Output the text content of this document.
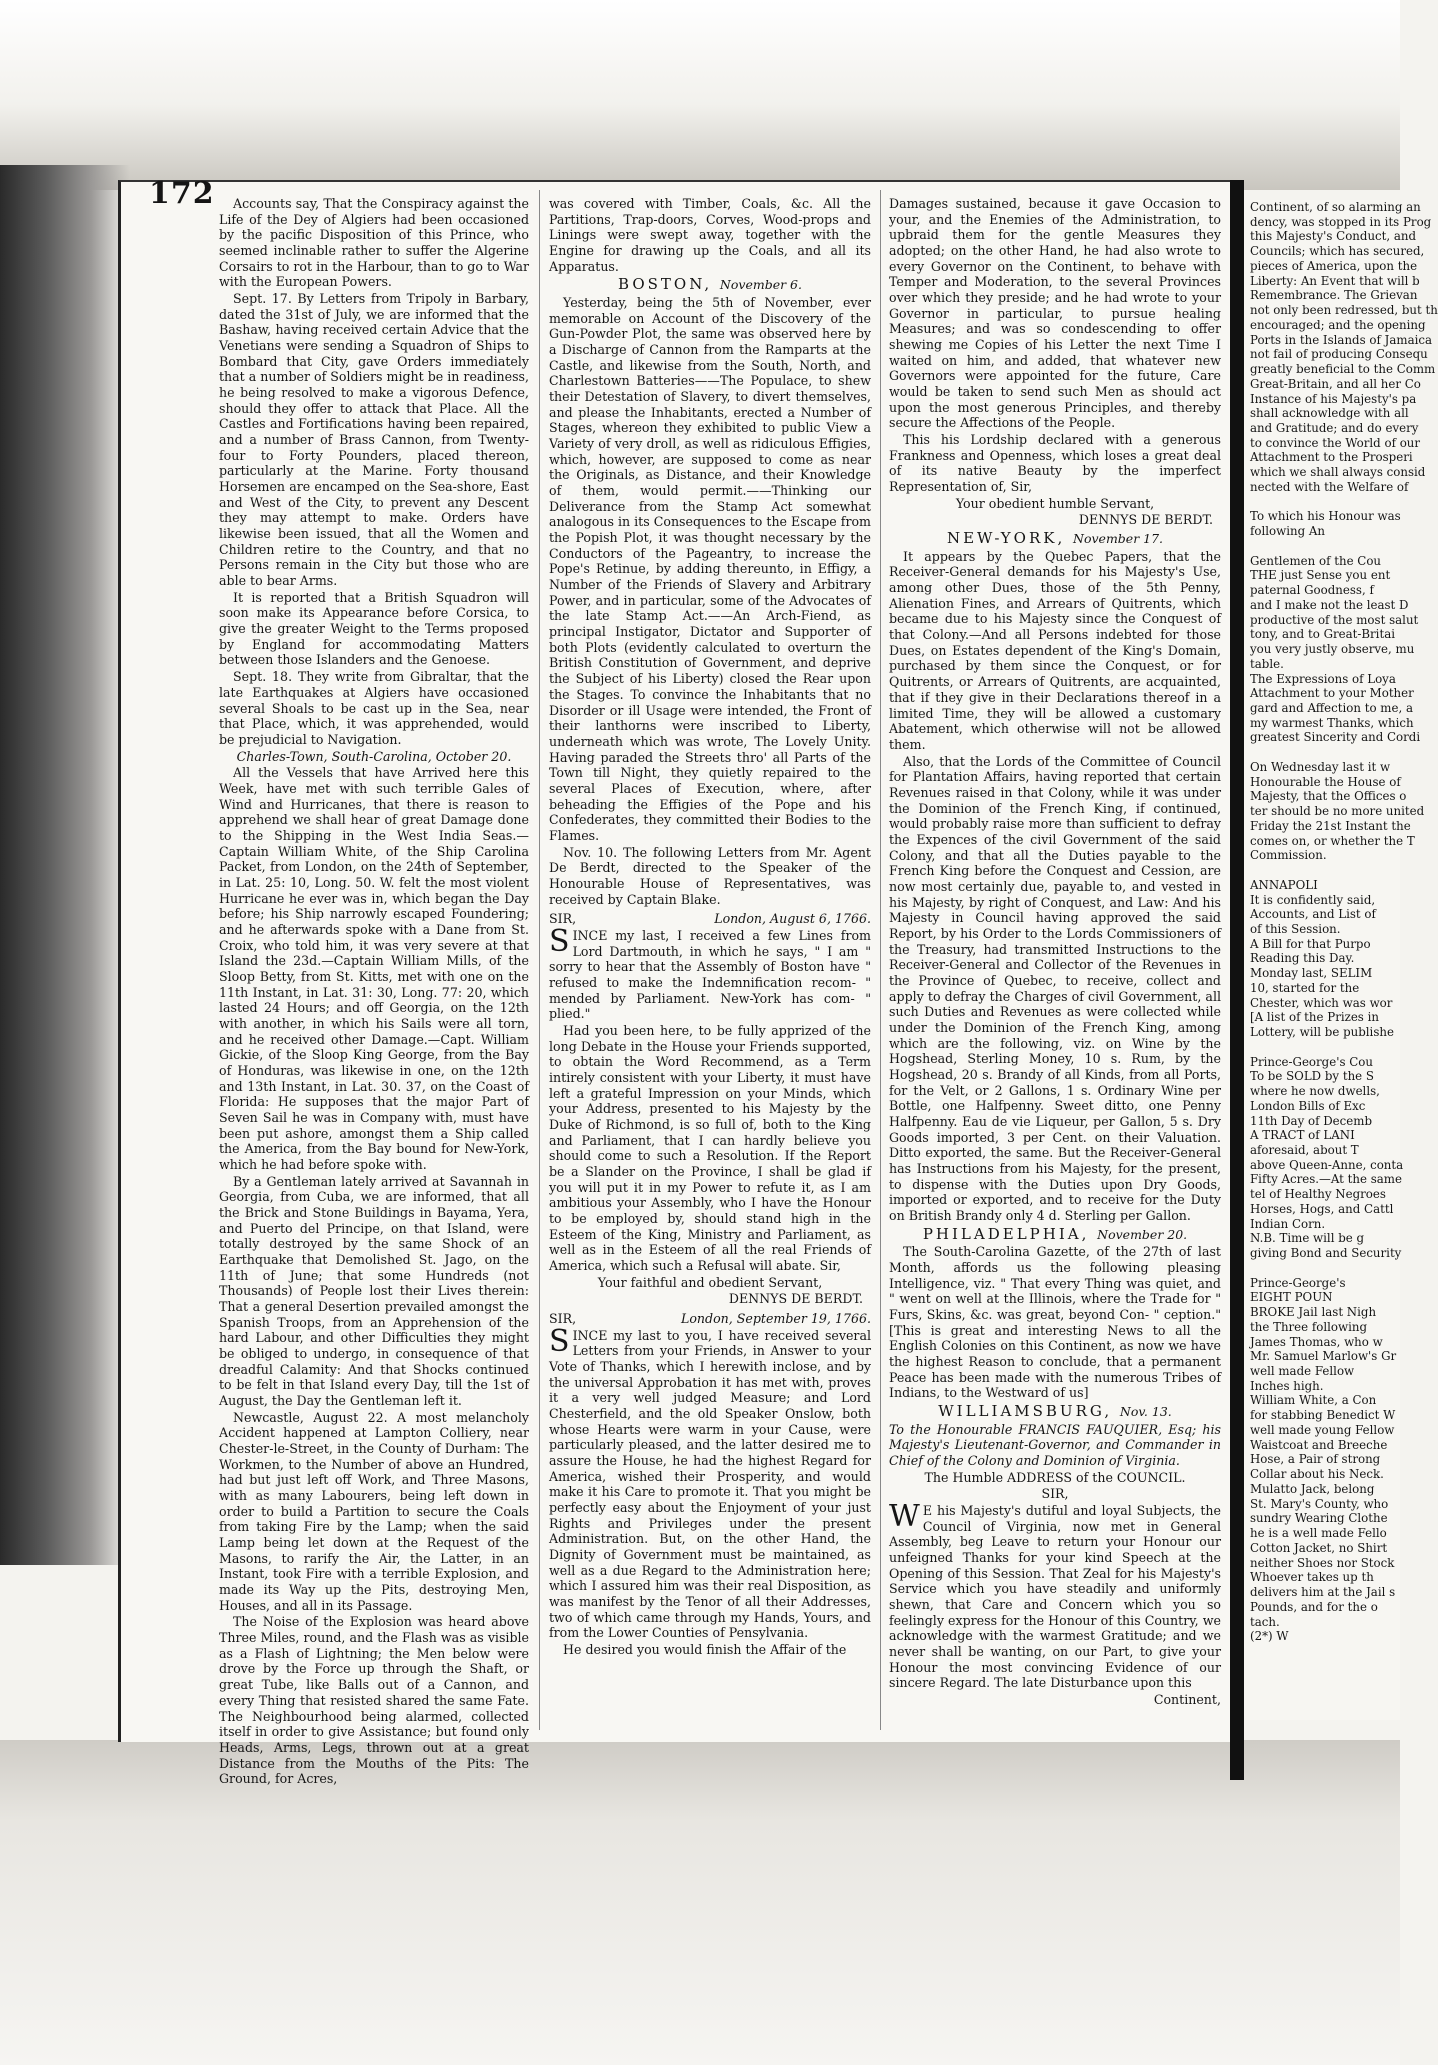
172	Accounts say, That the Conspiracy against the Life of the Dey of Algiers had been occasioned by the pacific Disposition of this Prince, who seemed inclinable rather to suffer the Algerine Corsairs to rot in the Harbour, than to go to War with the European Powers.

Sept. 17. By Letters from Tripoly in Barbary, dated the 31st of July, we are informed that the Bashaw, having received certain Advice that the Venetians were sending a Squadron of Ships to Bombard that City, gave Orders immediately that a number of Soldiers might be in readiness, he being resolved to make a vigorous Defence, should they offer to attack that Place. All the Castles and Fortifications having been repaired, and a number of Brass Cannon, from Twenty-four to Forty Pounders, placed thereon, particularly at the Marine. Forty thousand Horsemen are encamped on the Sea-shore, East and West of the City, to prevent any Descent they may attempt to make. Orders have likewise been issued, that all the Women and Children retire to the Country, and that no Persons remain in the City but those who are able to bear Arms.

It is reported that a British Squadron will soon make its Appearance before Corsica, to give the greater Weight to the Terms proposed by England for accommodating Matters between those Islanders and the Genoese.

Sept. 18. They write from Gibraltar, that the late Earthquakes at Algiers have occasioned several Shoals to be cast up in the Sea, near that Place, which, it was apprehended, would be prejudicial to Navigation.

Charles-Town, South-Carolina, October 20.

All the Vessels that have Arrived here this Week, have met with such terrible Gales of Wind and Hurricanes, that there is reason to apprehend we shall hear of great Damage done to the Shipping in the West India Seas.—Captain William White, of the Ship Carolina Packet, from London, on the 24th of September, in Lat. 25: 10, Long. 50. W. felt the most violent Hurricane he ever was in, which began the Day before; his Ship narrowly escaped Foundering; and he afterwards spoke with a Dane from St. Croix, who told him, it was very severe at that Island the 23d.—Captain William Mills, of the Sloop Betty, from St. Kitts, met with one on the 11th Instant, in Lat. 31: 30, Long. 77: 20, which lasted 24 Hours; and off Georgia, on the 12th with another, in which his Sails were all torn, and he received other Damage.—Capt. William Gickie, of the Sloop King George, from the Bay of Honduras, was likewise in one, on the 12th and 13th Instant, in Lat. 30. 37, on the Coast of Florida: He supposes that the major Part of Seven Sail he was in Company with, must have been put ashore, amongst them a Ship called the America, from the Bay bound for New-York, which he had before spoke with.

By a Gentleman lately arrived at Savannah in Georgia, from Cuba, we are informed, that all the Brick and Stone Buildings in Bayama, Yera, and Puerto del Principe, on that Island, were totally destroyed by the same Shock of an Earthquake that Demolished St. Jago, on the 11th of June; that some Hundreds (not Thousands) of People lost their Lives therein: That a general Desertion prevailed amongst the Spanish Troops, from an Apprehension of the hard Labour, and other Difficulties they might be obliged to undergo, in consequence of that dreadful Calamity: And that Shocks continued to be felt in that Island every Day, till the 1st of August, the Day the Gentleman left it.

Newcastle, August 22. A most melancholy Accident happened at Lampton Colliery, near Chester-le-Street, in the County of Durham: The Workmen, to the Number of above an Hundred, had but just left off Work, and Three Masons, with as many Labourers, being left down in order to build a Partition to secure the Coals from taking Fire by the Lamp; when the said Lamp being let down at the Request of the Masons, to rarify the Air, the Latter, in an Instant, took Fire with a terrible Explosion, and made its Way up the Pits, destroying Men, Houses, and all in its Passage.

The Noise of the Explosion was heard above Three Miles, round, and the Flash was as visible as a Flash of Lightning; the Men below were drove by the Force up through the Shaft, or great Tube, like Balls out of a Cannon, and every Thing that resisted shared the same Fate. The Neighbourhood being alarmed, collected itself in order to give Assistance; but found only Heads, Arms, Legs, thrown out at a great Distance from the Mouths of the Pits: The Ground, for Acres,

was covered with Timber, Coals, &c. All the Partitions, Trap-doors, Corves, Wood-props and Linings were swept away, together with the Engine for drawing up the Coals, and all its Apparatus.

BOSTON, November 6.

Yesterday, being the 5th of November, ever memorable on Account of the Discovery of the Gun-Powder Plot, the same was observed here by a Discharge of Cannon from the Ramparts at the Castle, and likewise from the South, North, and Charlestown Batteries——The Populace, to shew their Detestation of Slavery, to divert themselves, and please the Inhabitants, erected a Number of Stages, whereon they exhibited to public View a Variety of very droll, as well as ridiculous Effigies, which, however, are supposed to come as near the Originals, as Distance, and their Knowledge of them, would permit.——Thinking our Deliverance from the Stamp Act somewhat analogous in its Consequences to the Escape from the Popish Plot, it was thought necessary by the Conductors of the Pageantry, to increase the Pope's Retinue, by adding thereunto, in Effigy, a Number of the Friends of Slavery and Arbitrary Power, and in particular, some of the Advocates of the late Stamp Act.——An Arch-Fiend, as principal Instigator, Dictator and Supporter of both Plots (evidently calculated to overturn the British Constitution of Government, and deprive the Subject of his Liberty) closed the Rear upon the Stages. To convince the Inhabitants that no Disorder or ill Usage were intended, the Front of their lanthorns were inscribed to Liberty, underneath which was wrote, The Lovely Unity. Having paraded the Streets thro' all Parts of the Town till Night, they quietly repaired to the several Places of Execution, where, after beheading the Effigies of the Pope and his Confederates, they committed their Bodies to the Flames.

Nov. 10. The following Letters from Mr. Agent De Berdt, directed to the Speaker of the Honourable House of Representatives, was received by Captain Blake.

SIR,	London, August 6, 1766.

SINCE my last, I received a few Lines from Lord Dartmouth, in which he says, " I am " sorry to hear that the Assembly of Boston have " refused to make the Indemnification recom- " mended by Parliament. New-York has com- " plied."

Had you been here, to be fully apprized of the long Debate in the House your Friends supported, to obtain the Word Recommend, as a Term intirely consistent with your Liberty, it must have left a grateful Impression on your Minds, which your Address, presented to his Majesty by the Duke of Richmond, is so full of, both to the King and Parliament, that I can hardly believe you should come to such a Resolution. If the Report be a Slander on the Province, I shall be glad if you will put it in my Power to refute it, as I am ambitious your Assembly, who I have the Honour to be employed by, should stand high in the Esteem of the King, Ministry and Parliament, as well as in the Esteem of all the real Friends of America, which such a Refusal will abate. Sir,

Your faithful and obedient Servant,

DENNYS DE BERDT.

SIR,	London, September 19, 1766.

SINCE my last to you, I have received several Letters from your Friends, in Answer to your Vote of Thanks, which I herewith inclose, and by the universal Approbation it has met with, proves it a very well judged Measure; and Lord Chesterfield, and the old Speaker Onslow, both whose Hearts were warm in your Cause, were particularly pleased, and the latter desired me to assure the House, he had the highest Regard for America, wished their Prosperity, and would make it his Care to promote it. That you might be perfectly easy about the Enjoyment of your just Rights and Privileges under the present Administration. But, on the other Hand, the Dignity of Government must be maintained, as well as a due Regard to the Administration here; which I assured him was their real Disposition, as was manifest by the Tenor of all their Addresses, two of which came through my Hands, Yours, and from the Lower Counties of Pensylvania.

He desired you would finish the Affair of the

Damages sustained, because it gave Occasion to your, and the Enemies of the Administration, to upbraid them for the gentle Measures they adopted; on the other Hand, he had also wrote to every Governor on the Continent, to behave with Temper and Moderation, to the several Provinces over which they preside; and he had wrote to your Governor in particular, to pursue healing Measures; and was so condescending to offer shewing me Copies of his Letter the next Time I waited on him, and added, that whatever new Governors were appointed for the future, Care would be taken to send such Men as should act upon the most generous Principles, and thereby secure the Affections of the People.

This his Lordship declared with a generous Frankness and Openness, which loses a great deal of its native Beauty by the imperfect Representation of, Sir,

Your obedient humble Servant,

DENNYS DE BERDT.

NEW-YORK, November 17.

It appears by the Quebec Papers, that the Receiver-General demands for his Majesty's Use, among other Dues, those of the 5th Penny, Alienation Fines, and Arrears of Quitrents, which became due to his Majesty since the Conquest of that Colony.—And all Persons indebted for those Dues, on Estates dependent of the King's Domain, purchased by them since the Conquest, or for Quitrents, or Arrears of Quitrents, are acquainted, that if they give in their Declarations thereof in a limited Time, they will be allowed a customary Abatement, which otherwise will not be allowed them.

Also, that the Lords of the Committee of Council for Plantation Affairs, having reported that certain Revenues raised in that Colony, while it was under the Dominion of the French King, if continued, would probably raise more than sufficient to defray the Expences of the civil Government of the said Colony, and that all the Duties payable to the French King before the Conquest and Cession, are now most certainly due, payable to, and vested in his Majesty, by right of Conquest, and Law: And his Majesty in Council having approved the said Report, by his Order to the Lords Commissioners of the Treasury, had transmitted Instructions to the Receiver-General and Collector of the Revenues in the Province of Quebec, to receive, collect and apply to defray the Charges of civil Government, all such Duties and Revenues as were collected while under the Dominion of the French King, among which are the following, viz. on Wine by the Hogshead, Sterling Money, 10 s. Rum, by the Hogshead, 20 s. Brandy of all Kinds, from all Ports, for the Velt, or 2 Gallons, 1 s. Ordinary Wine per Bottle, one Halfpenny. Sweet ditto, one Penny Halfpenny. Eau de vie Liqueur, per Gallon, 5 s. Dry Goods imported, 3 per Cent. on their Valuation. Ditto exported, the same. But the Receiver-General has Instructions from his Majesty, for the present, to dispense with the Duties upon Dry Goods, imported or exported, and to receive for the Duty on British Brandy only 4 d. Sterling per Gallon.

PHILADELPHIA, November 20.

The South-Carolina Gazette, of the 27th of last Month, affords us the following pleasing Intelligence, viz. " That every Thing was quiet, and " went on well at the Illinois, where the Trade for " Furs, Skins, &c. was great, beyond Con- " ception." [This is great and interesting News to all the English Colonies on this Continent, as now we have the highest Reason to conclude, that a permanent Peace has been made with the numerous Tribes of Indians, to the Westward of us]

WILLIAMSBURG, Nov. 13.

To the Honourable FRANCIS FAUQUIER, Esq; his Majesty's Lieutenant-Governor, and Commander in Chief of the Colony and Dominion of Virginia.

The Humble ADDRESS of the COUNCIL.

SIR,

WE his Majesty's dutiful and loyal Subjects, the Council of Virginia, now met in General Assembly, beg Leave to return your Honour our unfeigned Thanks for your kind Speech at the Opening of this Session. That Zeal for his Majesty's Service which you have steadily and uniformly shewn, that Care and Concern which you so feelingly express for the Honour of this Country, we acknowledge with the warmest Gratitude; and we never shall be wanting, on our Part, to give your Honour the most convincing Evidence of our sincere Regard. The late Disturbance upon this

Continent,

Continent, of so alarming an

dency, was stopped in its Prog

this Majesty's Conduct, and

Councils; which has secured,

pieces of America, upon the

Liberty: An Event that will b

Remembrance. The Grievan

not only been redressed, but th

encouraged; and the opening

Ports in the Islands of Jamaica

not fail of producing Consequ

greatly beneficial to the Comm

Great-Britain, and all her Co

Instance of his Majesty's pa

shall acknowledge with all

and Gratitude; and do every

to convince the World of our

Attachment to the Prosperi

which we shall always consid

nected with the Welfare of

To which his Honour was

following An

Gentlemen of the Cou

THE just Sense you ent

paternal Goodness, f

and I make not the least D

productive of the most salut

tony, and to Great-Britai

you very justly observe, mu

table.

The Expressions of Loya

Attachment to your Mother

gard and Affection to me, a

my warmest Thanks, which

greatest Sincerity and Cordi

On Wednesday last it w

Honourable the House of

Majesty, that the Offices o

ter should be no more united

Friday the 21st Instant the

comes on, or whether the T

Commission.

ANNAPOLI

It is confidently said,

Accounts, and List of

of this Session.

A Bill for that Purpo

Reading this Day.

Monday last, SELIM

10, started for the

Chester, which was wor

[A list of the Prizes in

Lottery, will be publishe

Prince-George's Cou

To be SOLD by the S

where he now dwells,

London Bills of Exc

11th Day of Decemb

A TRACT of LANI

aforesaid, about T

above Queen-Anne, conta

Fifty Acres.—At the same

tel of Healthy Negroes

Horses, Hogs, and Cattl

Indian Corn.

N.B. Time will be g

giving Bond and Security

Prince-George's

EIGHT POUN

BROKE Jail last Nigh

the Three following

James Thomas, who w

Mr. Samuel Marlow's Gr

well made Fellow

Inches high.

William White, a Con

for stabbing Benedict W

well made young Fellow

Waistcoat and Breeche

Hose, a Pair of strong

Collar about his Neck.

Mulatto Jack, belong

St. Mary's County, who

sundry Wearing Clothe

he is a well made Fello

Cotton Jacket, no Shirt

neither Shoes nor Stock

Whoever takes up th

delivers him at the Jail s

Pounds, and for the o

tach.

(2*) W
